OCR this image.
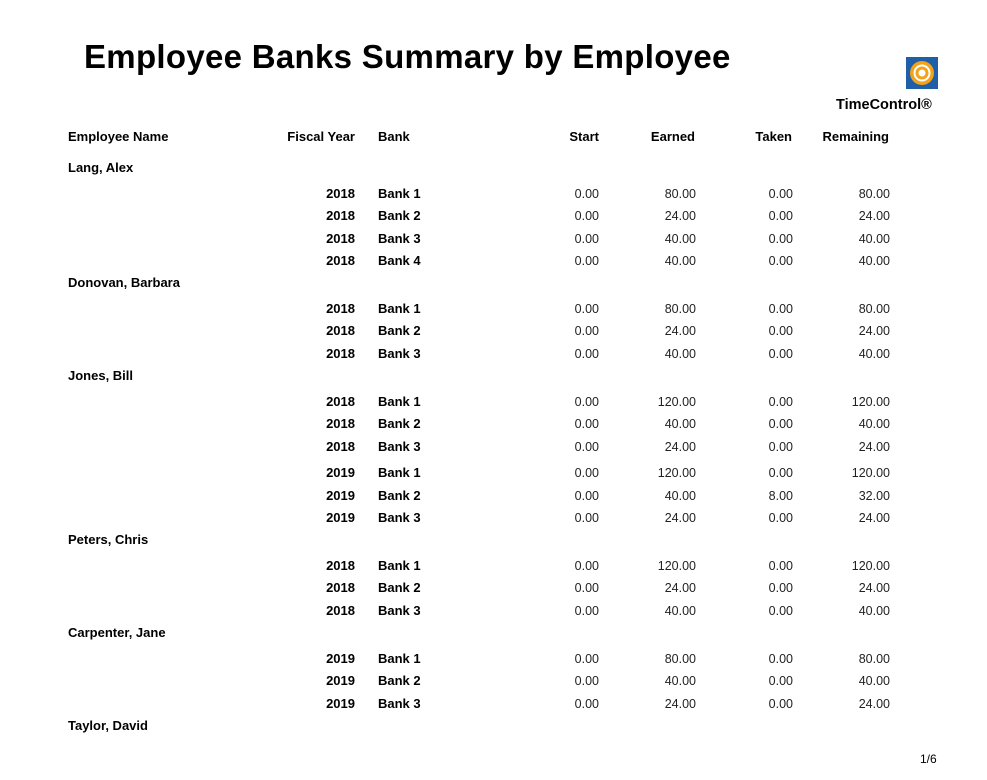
Employee Banks Summary by Employee
TimeControl®
Employee Name	Fiscal Year Bank	Start	Earned	Taken	Remaining
Lang, Alex
2018 Bank 1	0.00	80.00	0.00	80.00
2018 Bank 2	0.00	24.00	0.00	24.00
2018 Bank 3	0.00	40.00	0.00	40.00
2018 Bank 4	0.00	40.00	0.00	40.00
Donovan, Barbara
2018 Bank 1	0.00	80.00	0.00	80.00
2018 Bank 2	0.00	24.00	0.00	24.00
2018 Bank 3	0.00	40.00	0.00	40.00
Jones, Bill
2018 Bank 1	0.00	120.00	0.00	120.00
2018 Bank 2	0.00	40.00	0.00	40.00
2018 Bank 3	0.00	24.00	0.00	24.00
2019 Bank 1	0.00	120.00	0.00	120.00
2019 Bank 2	0.00	40.00	8.00	32.00
2019 Bank 3	0.00	24.00	0.00	24.00
Peters, Chris
2018 Bank 1	0.00	120.00	0.00	120.00
2018 Bank 2	0.00	24.00	0.00	24.00
2018 Bank 3	0.00	40.00	0.00	40.00
Carpenter, Jane
2019 Bank 1	0.00	80.00	0.00	80.00
2019 Bank 2	0.00	40.00	0.00	40.00
2019 Bank 3	0.00	24.00	0.00	24.00
Taylor, David
1/6
